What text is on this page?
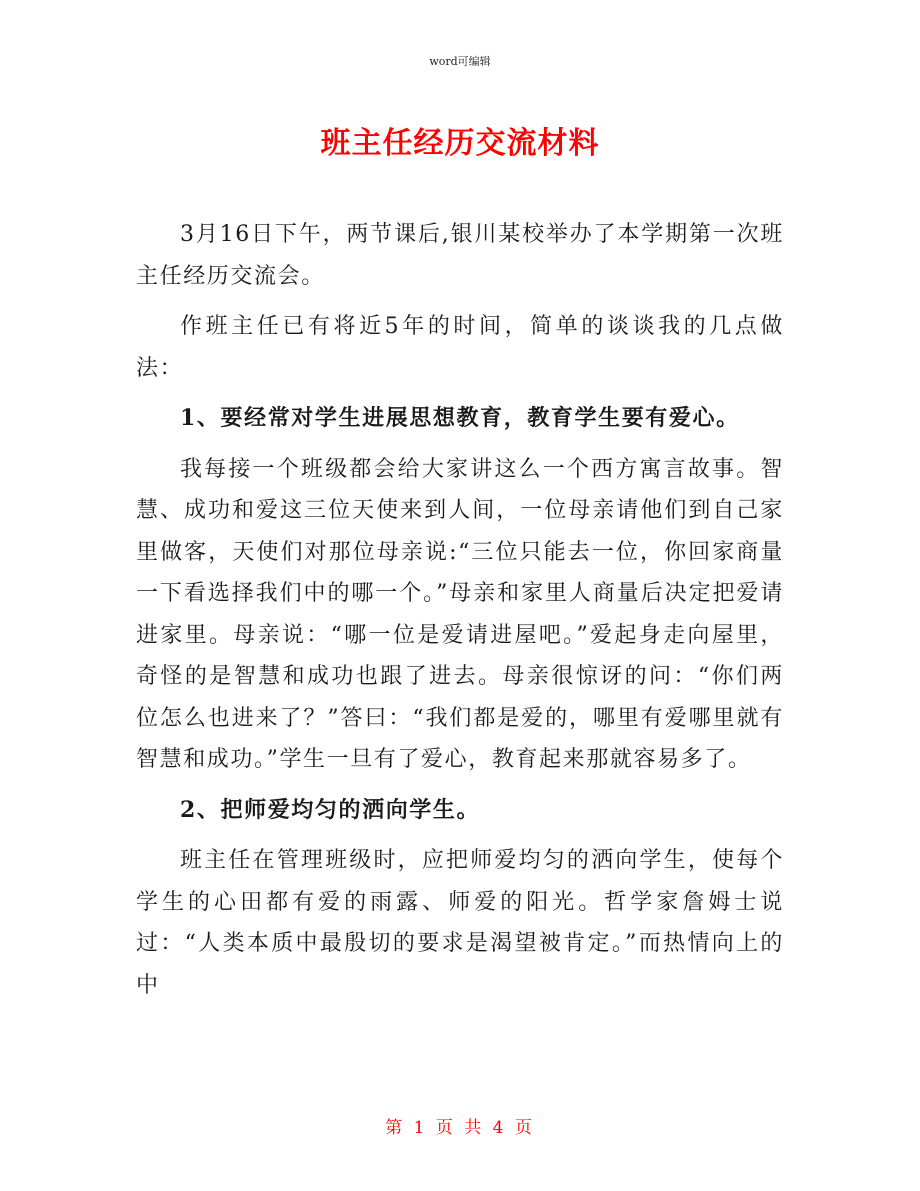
word可编辑
班主任经历交流材料

3月16日下午，两节课后,银川某校举办了本学期第一次班主任经历交流会。

作班主任已有将近5年的时间，简单的谈谈我的几点做法：

1、要经常对学生进展思想教育，教育学生要有爱心。

我每接一个班级都会给大家讲这么一个西方寓言故事。智慧、成功和爱这三位天使来到人间，一位母亲请他们到自己家里做客，天使们对那位母亲说:“三位只能去一位，你回家商量一下看选择我们中的哪一个。”母亲和家里人商量后决定把爱请进家里。母亲说：“哪一位是爱请进屋吧。”爱起身走向屋里，奇怪的是智慧和成功也跟了进去。母亲很惊讶的问：“你们两位怎么也进来了？”答曰：“我们都是爱的，哪里有爱哪里就有智慧和成功。”学生一旦有了爱心，教育起来那就容易多了。

2、把师爱均匀的洒向学生。

班主任在管理班级时，应把师爱均匀的洒向学生，使每个学生的心田都有爱的雨露、师爱的阳光。哲学家詹姆士说过：“人类本质中最殷切的要求是渴望被肯定。”而热情向上的中

第 1 页 共 4 页
